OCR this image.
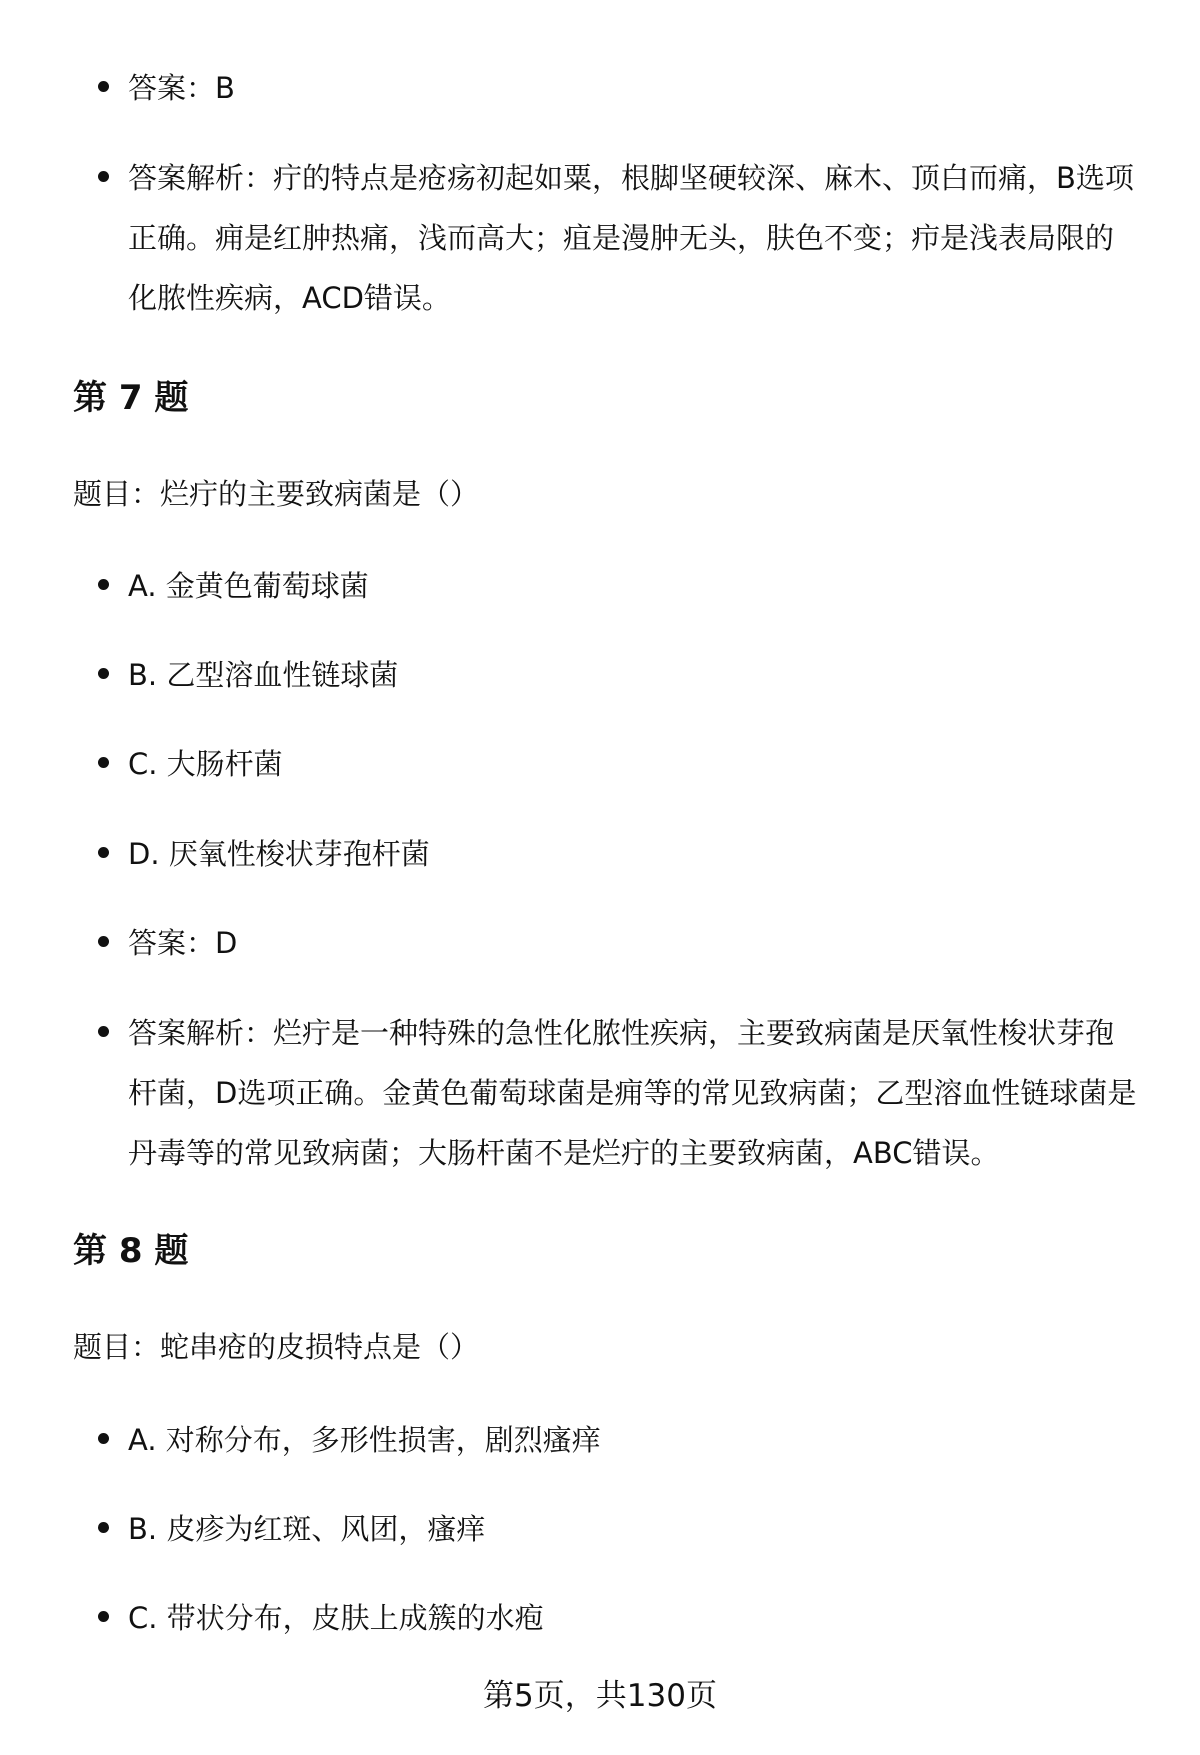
答案：B

答案解析：疔的特点是疮疡初起如粟，根脚坚硬较深、麻木、顶白而痛，B选项正确。痈是红肿热痛，浅而高大；疽是漫肿无头，肤色不变；疖是浅表局限的化脓性疾病，ACD错误。

第 7 题

题目：烂疔的主要致病菌是（）

A. 金黄色葡萄球菌

B. 乙型溶血性链球菌

C. 大肠杆菌

D. 厌氧性梭状芽孢杆菌

答案：D

答案解析：烂疔是一种特殊的急性化脓性疾病，主要致病菌是厌氧性梭状芽孢杆菌，D选项正确。金黄色葡萄球菌是痈等的常见致病菌；乙型溶血性链球菌是丹毒等的常见致病菌；大肠杆菌不是烂疔的主要致病菌，ABC错误。

第 8 题

题目：蛇串疮的皮损特点是（）

A. 对称分布，多形性损害，剧烈瘙痒

B. 皮疹为红斑、风团，瘙痒

C. 带状分布，皮肤上成簇的水疱

第5页，共130页
